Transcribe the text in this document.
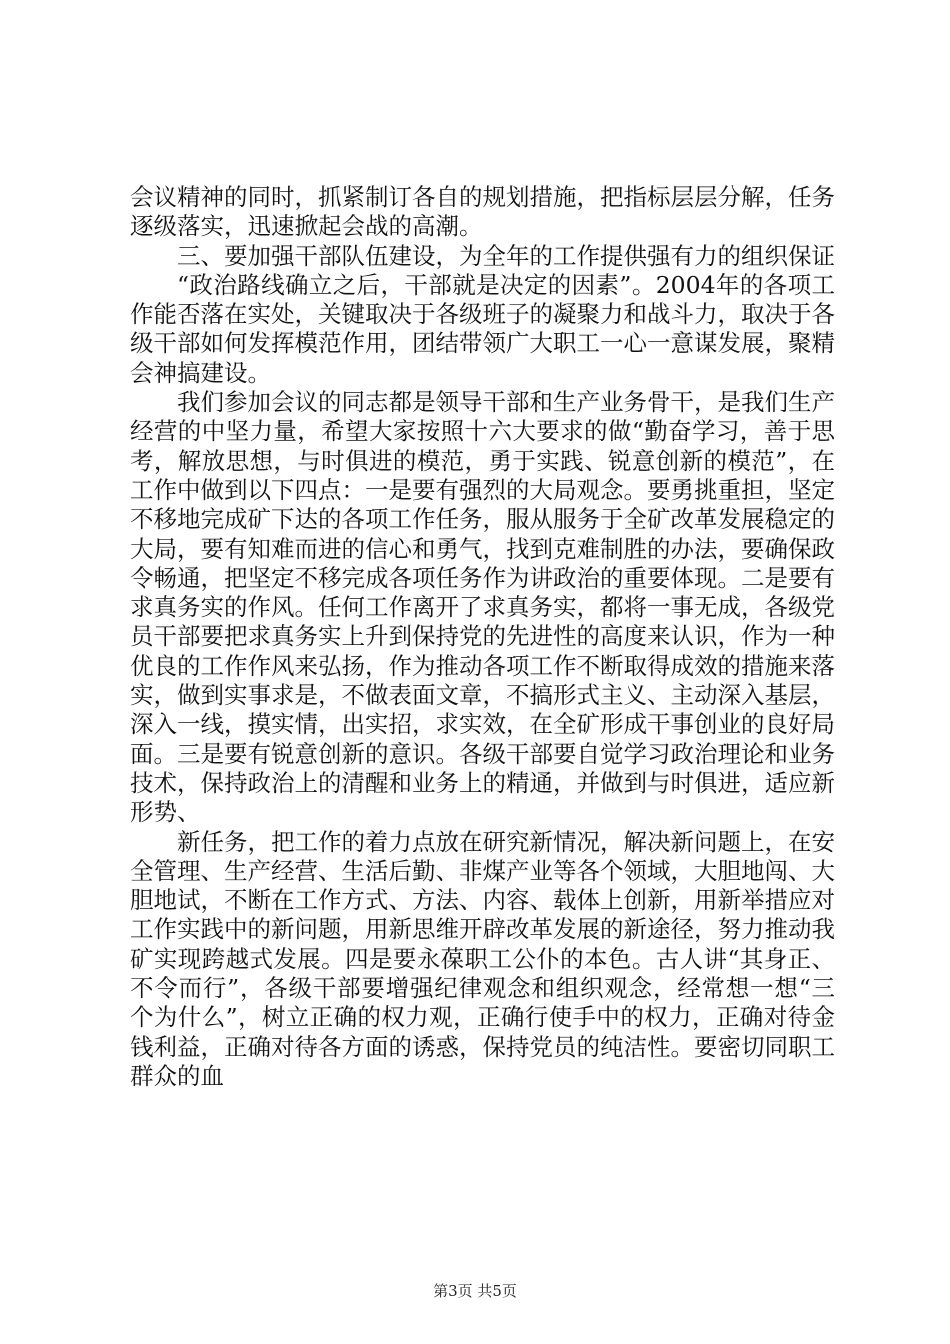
会议精神的同时，抓紧制订各自的规划措施，把指标层层分解，任务逐级落实，迅速掀起会战的高潮。

三、要加强干部队伍建设，为全年的工作提供强有力的组织保证

“政治路线确立之后，干部就是决定的因素”。2004年的各项工作能否落在实处，关键取决于各级班子的凝聚力和战斗力，取决于各级干部如何发挥模范作用，团结带领广大职工一心一意谋发展，聚精会神搞建设。

我们参加会议的同志都是领导干部和生产业务骨干，是我们生产经营的中坚力量，希望大家按照十六大要求的做“勤奋学习，善于思考，解放思想，与时俱进的模范，勇于实践、锐意创新的模范”，在工作中做到以下四点：一是要有强烈的大局观念。要勇挑重担，坚定不移地完成矿下达的各项工作任务，服从服务于全矿改革发展稳定的大局，要有知难而进的信心和勇气，找到克难制胜的办法，要确保政令畅通，把坚定不移完成各项任务作为讲政治的重要体现。二是要有求真务实的作风。任何工作离开了求真务实，都将一事无成，各级党员干部要把求真务实上升到保持党的先进性的高度来认识，作为一种优良的工作作风来弘扬，作为推动各项工作不断取得成效的措施来落实，做到实事求是，不做表面文章，不搞形式主义、主动深入基层，深入一线，摸实情，出实招，求实效，在全矿形成干事创业的良好局面。三是要有锐意创新的意识。各级干部要自觉学习政治理论和业务技术，保持政治上的清醒和业务上的精通，并做到与时俱进，适应新形势、

新任务，把工作的着力点放在研究新情况，解决新问题上，在安全管理、生产经营、生活后勤、非煤产业等各个领域，大胆地闯、大胆地试，不断在工作方式、方法、内容、载体上创新，用新举措应对工作实践中的新问题，用新思维开辟改革发展的新途径，努力推动我矿实现跨越式发展。四是要永葆职工公仆的本色。古人讲“其身正、不令而行”，各级干部要增强纪律观念和组织观念，经常想一想“三个为什么”，树立正确的权力观，正确行使手中的权力，正确对待金钱利益，正确对待各方面的诱惑，保持党员的纯洁性。要密切同职工群众的血

第3页 共5页
